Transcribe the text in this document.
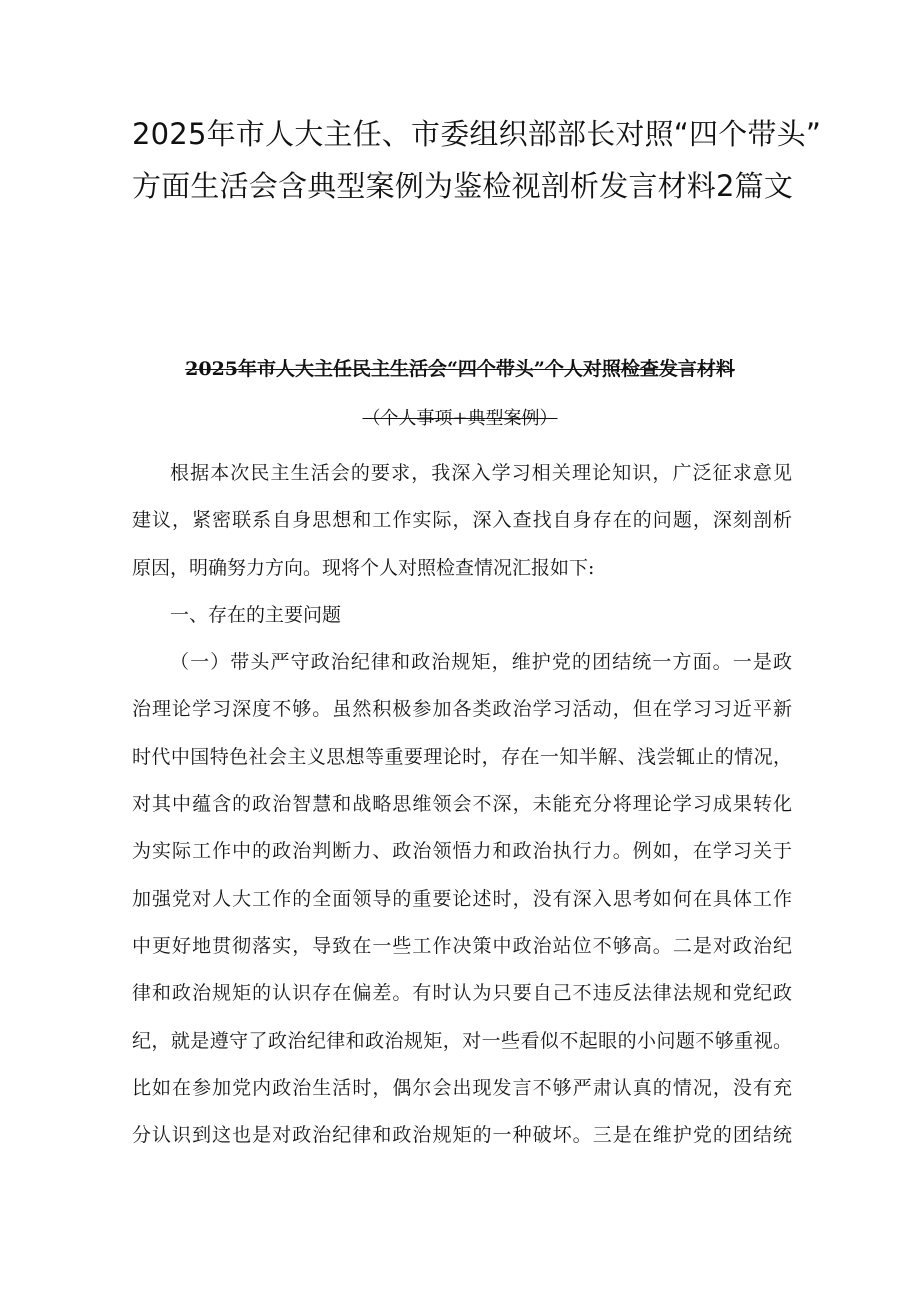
2025年市人大主任、市委组织部部长对照“四个带头”
方面生活会含典型案例为鉴检视剖析发言材料2篇文
2025年市人大主任民主生活会“四个带头”个人对照检查发言材料
（个人事项+典型案例）
根据本次民主生活会的要求，我深入学习相关理论知识，广泛征求意见
建议，紧密联系自身思想和工作实际，深入查找自身存在的问题，深刻剖析
原因，明确努力方向。现将个人对照检查情况汇报如下:
一、存在的主要问题
（一）带头严守政治纪律和政治规矩，维护党的团结统一方面。一是政
治理论学习深度不够。虽然积极参加各类政治学习活动，但在学习习近平新
时代中国特色社会主义思想等重要理论时，存在一知半解、浅尝辄止的情况，
对其中蕴含的政治智慧和战略思维领会不深，未能充分将理论学习成果转化
为实际工作中的政治判断力、政治领悟力和政治执行力。例如，在学习关于
加强党对人大工作的全面领导的重要论述时，没有深入思考如何在具体工作
中更好地贯彻落实，导致在一些工作决策中政治站位不够高。二是对政治纪
律和政治规矩的认识存在偏差。有时认为只要自己不违反法律法规和党纪政
纪，就是遵守了政治纪律和政治规矩，对一些看似不起眼的小问题不够重视。
比如在参加党内政治生活时，偶尔会出现发言不够严肃认真的情况，没有充
分认识到这也是对政治纪律和政治规矩的一种破坏。三是在维护党的团结统
